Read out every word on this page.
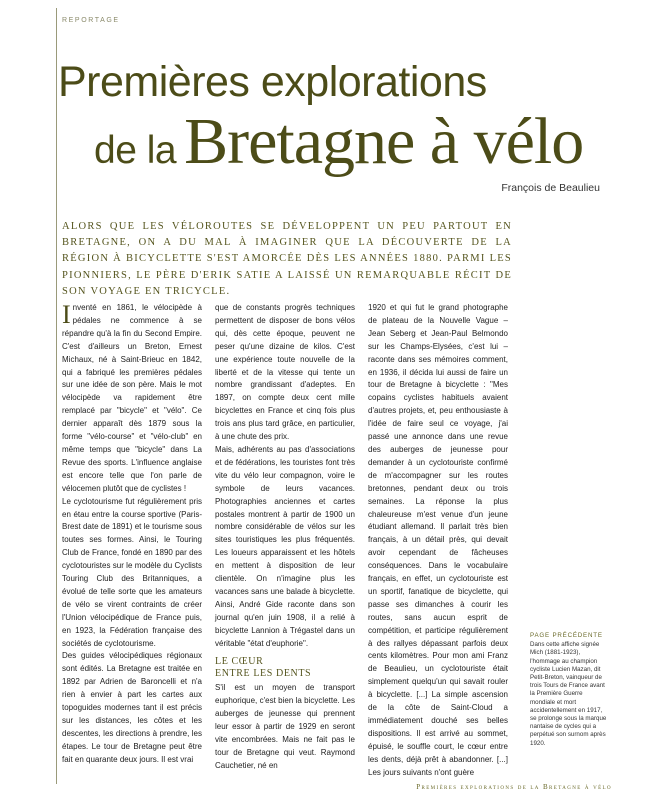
REPORTAGE
Premières explorations
de la Bretagne à vélo
François de Beaulieu

ALORS QUE LES VÉLOROUTES SE DÉVELOPPENT UN PEU PARTOUT EN BRETAGNE, ON A DU MAL À IMAGINER QUE LA DÉCOUVERTE DE LA RÉGION À BICYCLETTE S'EST AMORCÉE DÈS LES ANNÉES 1880. PARMI LES PIONNIERS, LE PÈRE D'ERIK SATIE A LAISSÉ UN REMARQUABLE RÉCIT DE SON VOYAGE EN TRICYCLE.

Inventé en 1861, le vélocipède à pédales ne commence à se répandre qu'à la fin du Second Empire. C'est d'ailleurs un Breton, Ernest Michaux, né à Saint-Brieuc en 1842, qui a fabriqué les premières pédales sur une idée de son père. Mais le mot vélocipède va rapidement être remplacé par "bicycle" et "vélo". Ce dernier apparaît dès 1879 sous la forme "vélo-course" et "vélo-club" en même temps que "bicycle" dans La Revue des sports. L'influence anglaise est encore telle que l'on parle de vélocemen plutôt que de cyclistes !

Le cyclotourisme fut régulièrement pris en étau entre la course sportive (Paris-Brest date de 1891) et le tourisme sous toutes ses formes. Ainsi, le Touring Club de France, fondé en 1890 par des cyclotouristes sur le modèle du Cyclists Touring Club des Britanniques, a évolué de telle sorte que les amateurs de vélo se virent contraints de créer l'Union vélocipédique de France puis, en 1923, la Fédération française des sociétés de cyclotourisme.

Des guides vélocipédiques régionaux sont édités. La Bretagne est traitée en 1892 par Adrien de Baroncelli et n'a rien à envier à part les cartes aux topoguides modernes tant il est précis sur les distances, les côtes et les descentes, les directions à prendre, les étapes. Le tour de Bretagne peut être fait en quarante deux jours. Il est vrai

que de constants progrès techniques permettent de disposer de bons vélos qui, dès cette époque, peuvent ne peser qu'une dizaine de kilos. C'est une expérience toute nouvelle de la liberté et de la vitesse qui tente un nombre grandissant d'adeptes. En 1897, on compte deux cent mille bicyclettes en France et cinq fois plus trois ans plus tard grâce, en particulier, à une chute des prix.

Mais, adhérents au pas d'associations et de fédérations, les touristes font très vite du vélo leur compagnon, voire le symbole de leurs vacances. Photographies anciennes et cartes postales montrent à partir de 1900 un nombre considérable de vélos sur les sites touristiques les plus fréquentés. Les loueurs apparaissent et les hôtels en mettent à disposition de leur clientèle. On n'imagine plus les vacances sans une balade à bicyclette. Ainsi, André Gide raconte dans son journal qu'en juin 1908, il a relié à bicyclette Lannion à Trégastel dans un véritable "état d'euphorie".

LE CŒUR
ENTRE LES DENTS

S'il est un moyen de transport euphorique, c'est bien la bicyclette. Les auberges de jeunesse qui prennent leur essor à partir de 1929 en seront vite encombrées. Mais ne fait pas le tour de Bretagne qui veut. Raymond Cauchetier, né en

1920 et qui fut le grand photographe de plateau de la Nouvelle Vague – Jean Seberg et Jean-Paul Belmondo sur les Champs-Elysées, c'est lui – raconte dans ses mémoires comment, en 1936, il décida lui aussi de faire un tour de Bretagne à bicyclette : "Mes copains cyclistes habituels avaient d'autres projets, et, peu enthousiaste à l'idée de faire seul ce voyage, j'ai passé une annonce dans une revue des auberges de jeunesse pour demander à un cyclotouriste confirmé de m'accompagner sur les routes bretonnes, pendant deux ou trois semaines. La réponse la plus chaleureuse m'est venue d'un jeune étudiant allemand. Il parlait très bien français, à un détail près, qui devait avoir cependant de fâcheuses conséquences. Dans le vocabulaire français, en effet, un cyclotouriste est un sportif, fanatique de bicyclette, qui passe ses dimanches à courir les routes, sans aucun esprit de compétition, et participe régulièrement à des rallyes dépassant parfois deux cents kilomètres. Pour mon ami Franz de Beaulieu, un cyclotouriste était simplement quelqu'un qui savait rouler à bicyclette. [...] La simple ascension de la côte de Saint-Cloud a immédiatement douché ses belles dispositions. Il est arrivé au sommet, épuisé, le souffle court, le cœur entre les dents, déjà prêt à abandonner. [...] Les jours suivants n'ont guère

PAGE PRÉCÉDENTE
Dans cette affiche signée Mich (1881-1923), l'hommage au champion cycliste Lucien Mazan, dit Petit-Breton, vainqueur de trois Tours de France avant la Première Guerre mondiale et mort accidentellement en 1917, se prolonge sous la marque nantaise de cycles qui a perpétué son surnom après 1920.
Premières explorations de la Bretagne à vélo
